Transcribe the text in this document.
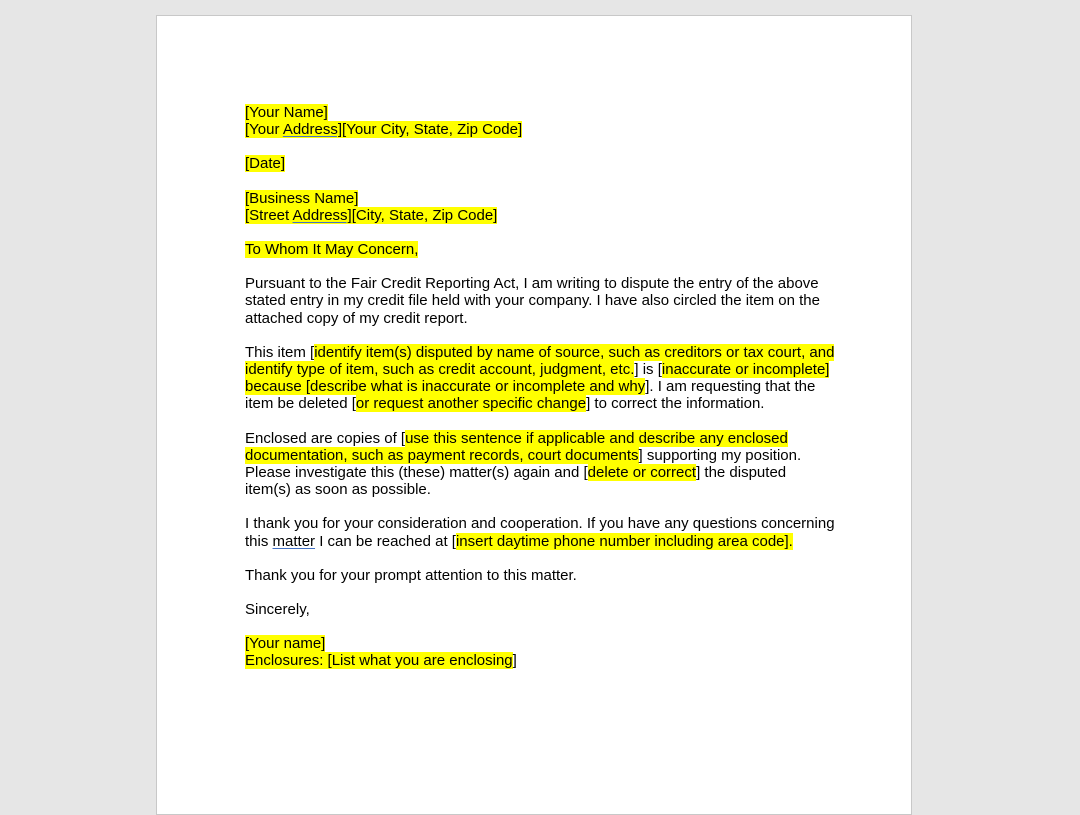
[Your Name]
[Your Address][Your City, State, Zip Code]
[Date]
[Business Name]
[Street Address][City, State, Zip Code]
To Whom It May Concern,
Pursuant to the Fair Credit Reporting Act, I am writing to dispute the entry of the above stated entry in my credit file held with your company. I have also circled the item on the attached copy of my credit report.
This item [identify item(s) disputed by name of source, such as creditors or tax court, and identify type of item, such as credit account, judgment, etc.] is [inaccurate or incomplete] because [describe what is inaccurate or incomplete and why]. I am requesting that the item be deleted [or request another specific change] to correct the information.
Enclosed are copies of [use this sentence if applicable and describe any enclosed documentation, such as payment records, court documents] supporting my position. Please investigate this (these) matter(s) again and [delete or correct] the disputed item(s) as soon as possible.
I thank you for your consideration and cooperation. If you have any questions concerning this matter I can be reached at [insert daytime phone number including area code].
Thank you for your prompt attention to this matter.
Sincerely,
[Your name]
Enclosures: [List what you are enclosing]
